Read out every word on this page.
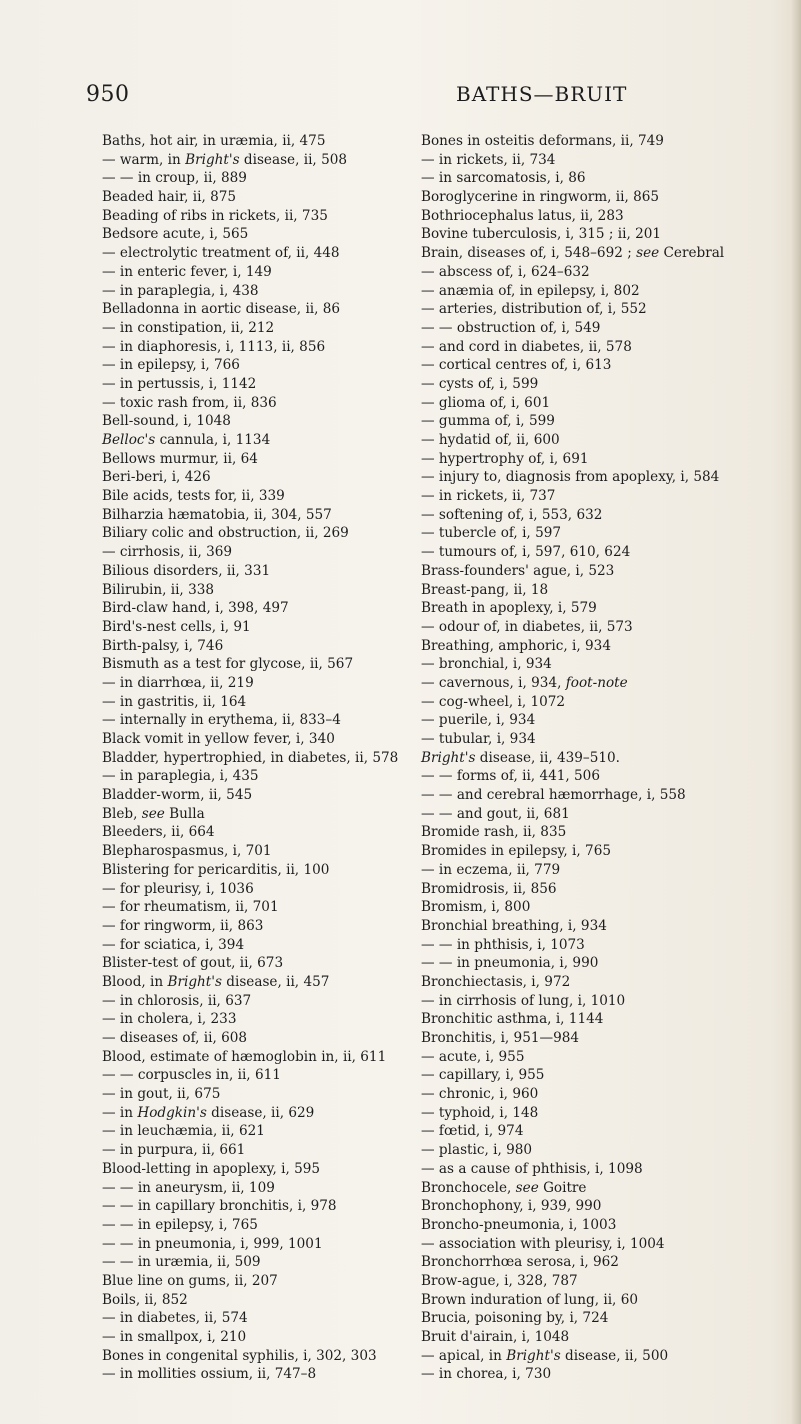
950	BATHS—BRUIT
Baths, hot air, in uræmia, ii, 475
— warm, in Bright's disease, ii, 508
— — in croup, ii, 889
Beaded hair, ii, 875
Beading of ribs in rickets, ii, 735
Bedsore acute, i, 565
— electrolytic treatment of, ii, 448
— in enteric fever, i, 149
— in paraplegia, i, 438
Belladonna in aortic disease, ii, 86
— in constipation, ii, 212
— in diaphoresis, i, 1113, ii, 856
— in epilepsy, i, 766
— in pertussis, i, 1142
— toxic rash from, ii, 836
Bell-sound, i, 1048
Belloc's cannula, i, 1134
Bellows murmur, ii, 64
Beri-beri, i, 426
Bile acids, tests for, ii, 339
Bilharzia hæmatobia, ii, 304, 557
Biliary colic and obstruction, ii, 269
— cirrhosis, ii, 369
Bilious disorders, ii, 331
Bilirubin, ii, 338
Bird-claw hand, i, 398, 497
Bird's-nest cells, i, 91
Birth-palsy, i, 746
Bismuth as a test for glycose, ii, 567
— in diarrhœa, ii, 219
— in gastritis, ii, 164
— internally in erythema, ii, 833–4
Black vomit in yellow fever, i, 340
Bladder, hypertrophied, in diabetes, ii, 578
— in paraplegia, i, 435
Bladder-worm, ii, 545
Bleb, see Bulla
Bleeders, ii, 664
Blepharospasmus, i, 701
Blistering for pericarditis, ii, 100
— for pleurisy, i, 1036
— for rheumatism, ii, 701
— for ringworm, ii, 863
— for sciatica, i, 394
Blister-test of gout, ii, 673
Blood, in Bright's disease, ii, 457
— in chlorosis, ii, 637
— in cholera, i, 233
— diseases of, ii, 608
Blood, estimate of hæmoglobin in, ii, 611
— — corpuscles in, ii, 611
— in gout, ii, 675
— in Hodgkin's disease, ii, 629
— in leuchæmia, ii, 621
— in purpura, ii, 661
Blood-letting in apoplexy, i, 595
— — in aneurysm, ii, 109
— — in capillary bronchitis, i, 978
— — in epilepsy, i, 765
— — in pneumonia, i, 999, 1001
— — in uræmia, ii, 509
Blue line on gums, ii, 207
Boils, ii, 852
— in diabetes, ii, 574
— in smallpox, i, 210
Bones in congenital syphilis, i, 302, 303
— in mollities ossium, ii, 747–8
Bones in osteitis deformans, ii, 749
— in rickets, ii, 734
— in sarcomatosis, i, 86
Boroglycerine in ringworm, ii, 865
Bothriocephalus latus, ii, 283
Bovine tuberculosis, i, 315 ; ii, 201
Brain, diseases of, i, 548–692 ; see Cerebral
— abscess of, i, 624–632
— anæmia of, in epilepsy, i, 802
— arteries, distribution of, i, 552
— — obstruction of, i, 549
— and cord in diabetes, ii, 578
— cortical centres of, i, 613
— cysts of, i, 599
— glioma of, i, 601
— gumma of, i, 599
— hydatid of, ii, 600
— hypertrophy of, i, 691
— injury to, diagnosis from apoplexy, i, 584
— in rickets, ii, 737
— softening of, i, 553, 632
— tubercle of, i, 597
— tumours of, i, 597, 610, 624
Brass-founders' ague, i, 523
Breast-pang, ii, 18
Breath in apoplexy, i, 579
— odour of, in diabetes, ii, 573
Breathing, amphoric, i, 934
— bronchial, i, 934
— cavernous, i, 934, foot-note
— cog-wheel, i, 1072
— puerile, i, 934
— tubular, i, 934
Bright's disease, ii, 439–510.
— — forms of, ii, 441, 506
— — and cerebral hæmorrhage, i, 558
— — and gout, ii, 681
Bromide rash, ii, 835
Bromides in epilepsy, i, 765
— in eczema, ii, 779
Bromidrosis, ii, 856
Bromism, i, 800
Bronchial breathing, i, 934
— — in phthisis, i, 1073
— — in pneumonia, i, 990
Bronchiectasis, i, 972
— in cirrhosis of lung, i, 1010
Bronchitic asthma, i, 1144
Bronchitis, i, 951—984
— acute, i, 955
— capillary, i, 955
— chronic, i, 960
— typhoid, i, 148
— fœtid, i, 974
— plastic, i, 980
— as a cause of phthisis, i, 1098
Bronchocele, see Goitre
Bronchophony, i, 939, 990
Broncho-pneumonia, i, 1003
— association with pleurisy, i, 1004
Bronchorrhœa serosa, i, 962
Brow-ague, i, 328, 787
Brown induration of lung, ii, 60
Brucia, poisoning by, i, 724
Bruit d'airain, i, 1048
— apical, in Bright's disease, ii, 500
— in chorea, i, 730
